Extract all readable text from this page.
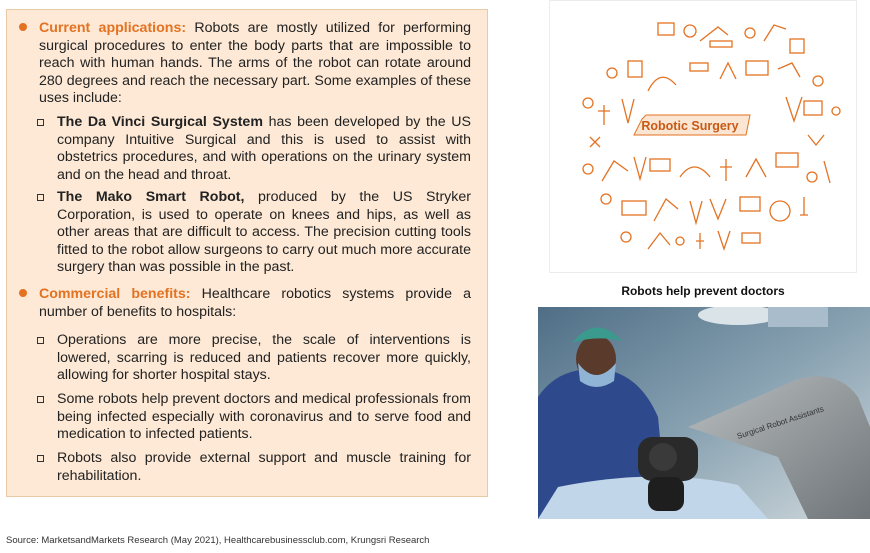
Current applications: Robots are mostly utilized for performing surgical procedures to enter the body parts that are impossible to reach with human hands. The arms of the robot can rotate around 280 degrees and reach the necessary part. Some examples of these uses include:
The Da Vinci Surgical System has been developed by the US company Intuitive Surgical and this is used to assist with obstetrics procedures, and with operations on the urinary system and on the head and throat.
The Mako Smart Robot, produced by the US Stryker Corporation, is used to operate on knees and hips, as well as other areas that are difficult to access. The precision cutting tools fitted to the robot allow surgeons to carry out much more accurate surgery than was possible in the past.
Commercial benefits: Healthcare robotics systems provide a number of benefits to hospitals:
Operations are more precise, the scale of interventions is lowered, scarring is reduced and patients recover more quickly, allowing for shorter hospital stays.
Some robots help prevent doctors and medical professionals from being infected especially with coronavirus and to serve food and medication to infected patients.
Robots also provide external support and muscle training for rehabilitation.
Robotic Surgery
Robots help prevent doctors
Surgical Robot Assistants
Source: MarketsandMarkets Research (May 2021), Healthcarebusinessclub.com, Krungsri Research
